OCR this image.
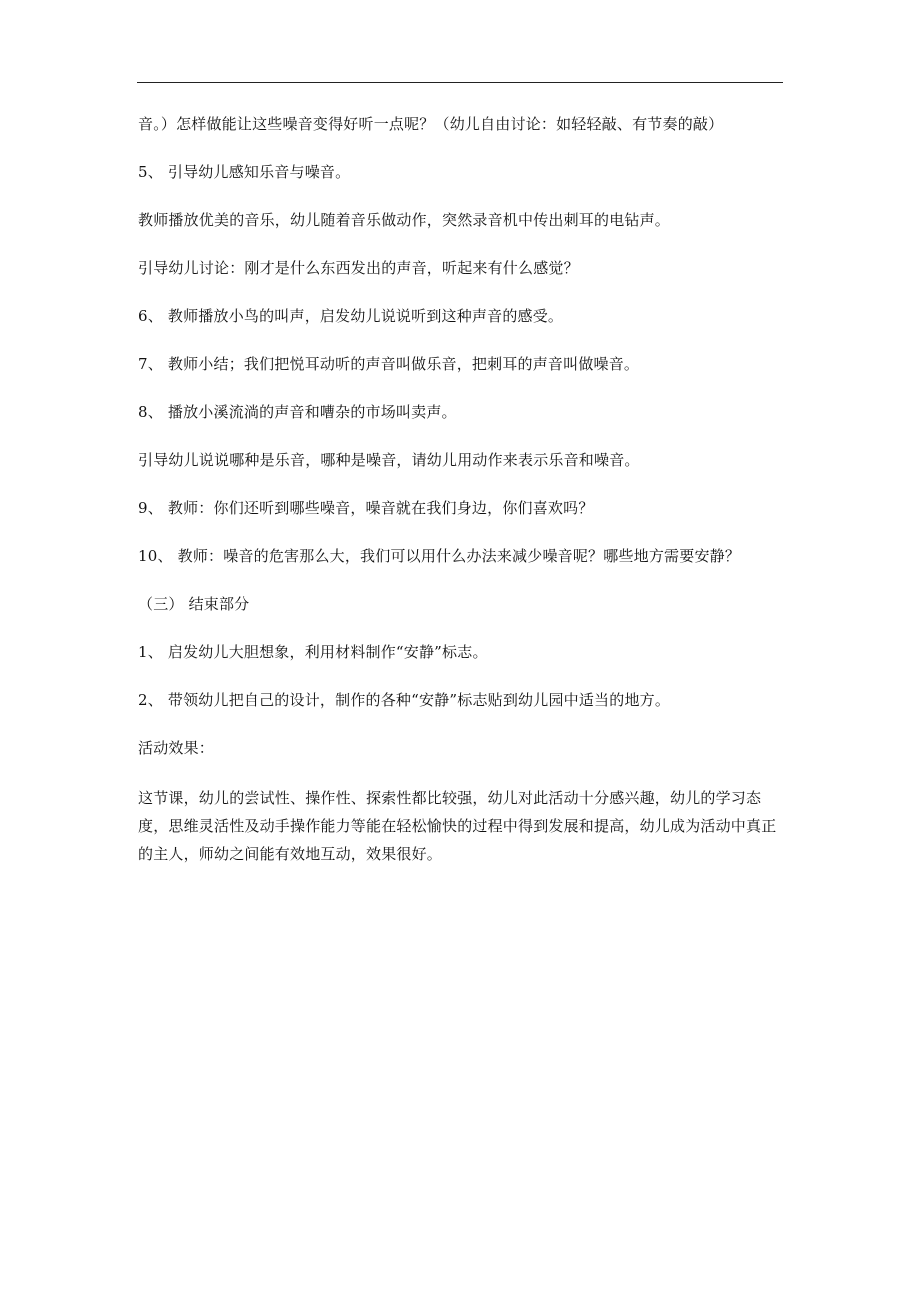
音。）怎样做能让这些噪音变得好听一点呢？（幼儿自由讨论：如轻轻敲、有节奏的敲）

5、 引导幼儿感知乐音与噪音。

教师播放优美的音乐，幼儿随着音乐做动作，突然录音机中传出刺耳的电钻声。

引导幼儿讨论：刚才是什么东西发出的声音，听起来有什么感觉？

6、 教师播放小鸟的叫声，启发幼儿说说听到这种声音的感受。

7、 教师小结；我们把悦耳动听的声音叫做乐音，把刺耳的声音叫做噪音。

8、 播放小溪流淌的声音和嘈杂的市场叫卖声。

引导幼儿说说哪种是乐音，哪种是噪音，请幼儿用动作来表示乐音和噪音。

9、 教师：你们还听到哪些噪音，噪音就在我们身边，你们喜欢吗？

10、 教师：噪音的危害那么大，我们可以用什么办法来减少噪音呢？哪些地方需要安静？

（三） 结束部分

1、 启发幼儿大胆想象，利用材料制作“安静”标志。

2、 带领幼儿把自己的设计，制作的各种“安静”标志贴到幼儿园中适当的地方。

活动效果：

这节课，幼儿的尝试性、操作性、探索性都比较强，幼儿对此活动十分感兴趣，幼儿的学习态度，思维灵活性及动手操作能力等能在轻松愉快的过程中得到发展和提高，幼儿成为活动中真正的主人，师幼之间能有效地互动，效果很好。
